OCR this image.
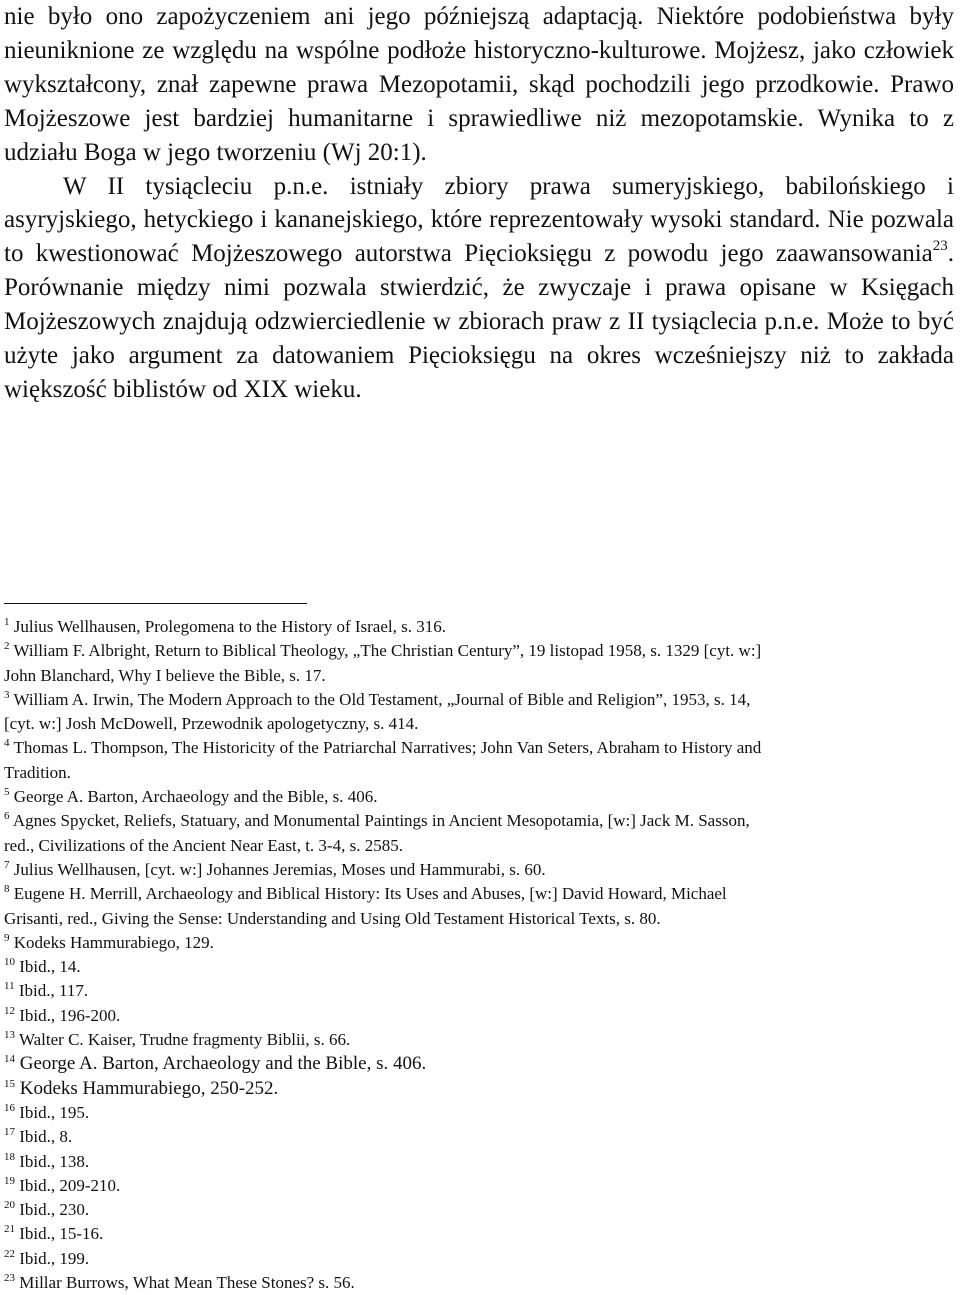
nie było ono zapożyczeniem ani jego późniejszą adaptacją. Niektóre podobieństwa były nieuniknione ze względu na wspólne podłoże historyczno-kulturowe. Mojżesz, jako człowiek wykształcony, znał zapewne prawa Mezopotamii, skąd pochodzili jego przodkowie. Prawo Mojżeszowe jest bardziej humanitarne i sprawiedliwe niż mezopotamskie. Wynika to z udziału Boga w jego tworzeniu (Wj 20:1).

W II tysiącleciu p.n.e. istniały zbiory prawa sumeryjskiego, babilońskiego i asyryjskiego, hetyckiego i kananejskiego, które reprezentowały wysoki standard. Nie pozwala to kwestionować Mojżeszowego autorstwa Pięcioksięgu z powodu jego zaawansowania$^{23}$. Porównanie między nimi pozwala stwierdzić, że zwyczaje i prawa opisane w Księgach Mojżeszowych znajdują odzwierciedlenie w zbiorach praw z II tysiąclecia p.n.e. Może to być użyte jako argument za datowaniem Pięcioksięgu na okres wcześniejszy niż to zakłada większość biblistów od XIX wieku.

$^1$ Julius Wellhausen, Prolegomena to the History of Israel, s. 316.

$^2$ William F. Albright, Return to Biblical Theology, „The Christian Century”, 19 listopad 1958, s. 1329 [cyt. w:]
John Blanchard, Why I believe the Bible, s. 17.

$^3$ William A. Irwin, The Modern Approach to the Old Testament, „Journal of Bible and Religion”, 1953, s. 14,
[cyt. w:] Josh McDowell, Przewodnik apologetyczny, s. 414.

$^4$ Thomas L. Thompson, The Historicity of the Patriarchal Narratives; John Van Seters, Abraham to History and
Tradition.

$^5$ George A. Barton, Archaeology and the Bible, s. 406.

$^6$ Agnes Spycket, Reliefs, Statuary, and Monumental Paintings in Ancient Mesopotamia, [w:] Jack M. Sasson,
red., Civilizations of the Ancient Near East, t. 3-4, s. 2585.

$^7$ Julius Wellhausen, [cyt. w:] Johannes Jeremias, Moses und Hammurabi, s. 60.

$^8$ Eugene H. Merrill, Archaeology and Biblical History: Its Uses and Abuses, [w:] David Howard, Michael
Grisanti, red., Giving the Sense: Understanding and Using Old Testament Historical Texts, s. 80.

$^9$ Kodeks Hammurabiego, 129.

$^{10}$ Ibid., 14.

$^{11}$ Ibid., 117.

$^{12}$ Ibid., 196-200.

$^{13}$ Walter C. Kaiser, Trudne fragmenty Biblii, s. 66.

$^{14}$ George A. Barton, Archaeology and the Bible, s. 406.

$^{15}$ Kodeks Hammurabiego, 250-252.

$^{16}$ Ibid., 195.

$^{17}$ Ibid., 8.

$^{18}$ Ibid., 138.

$^{19}$ Ibid., 209-210.

$^{20}$ Ibid., 230.

$^{21}$ Ibid., 15-16.

$^{22}$ Ibid., 199.

$^{23}$ Millar Burrows, What Mean These Stones? s. 56.
